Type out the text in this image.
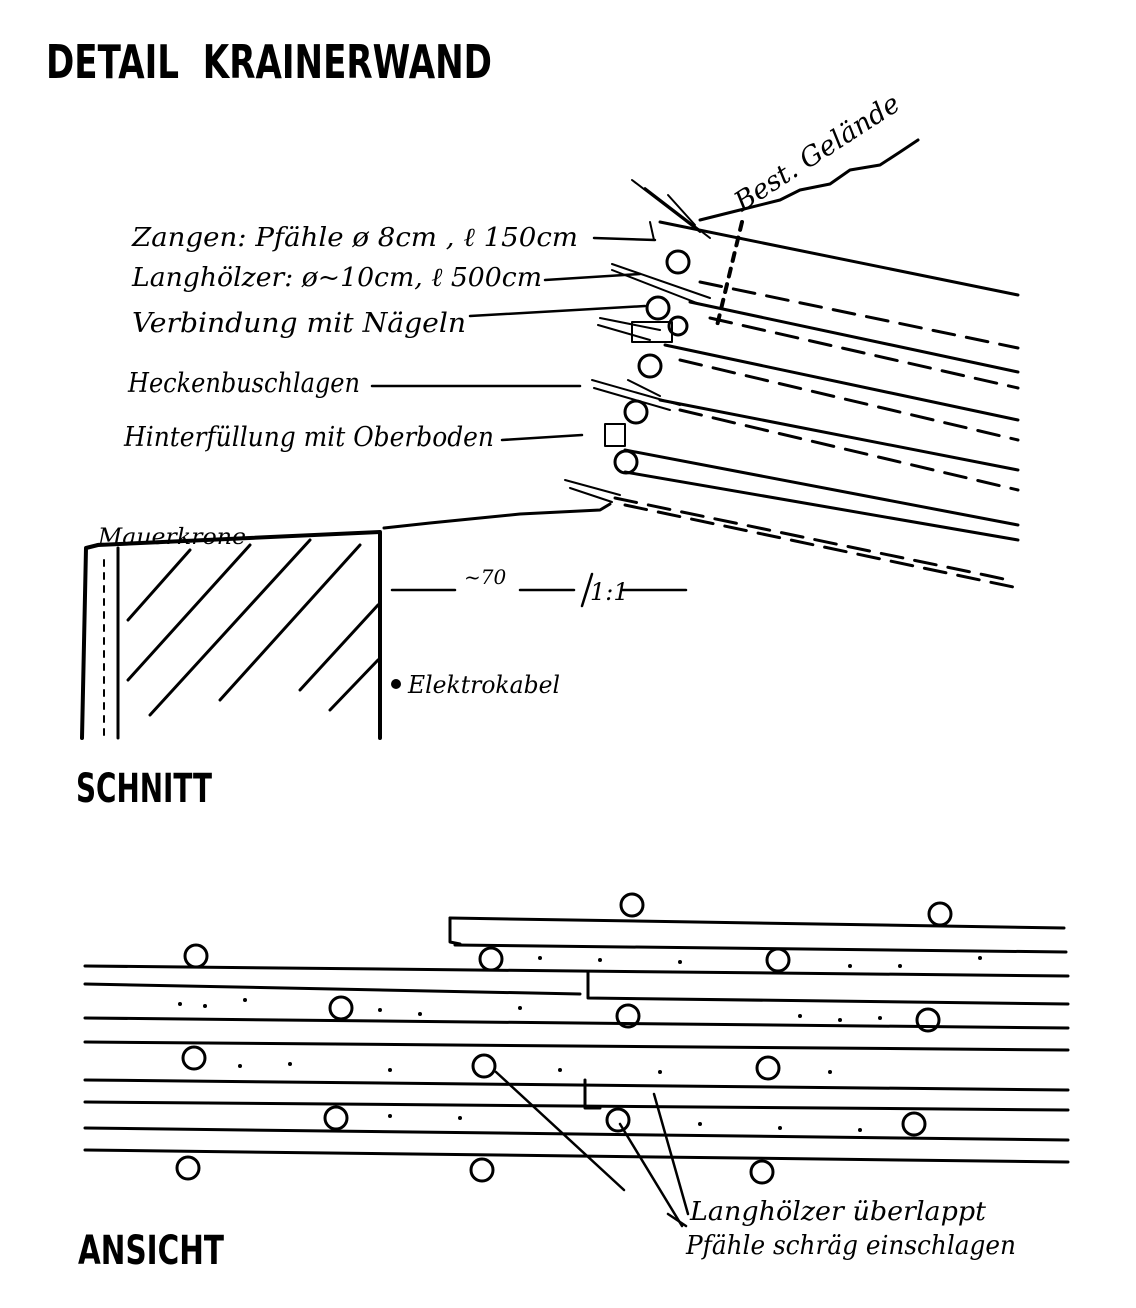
DETAIL  KRAINERWAND
~70
1:1
Zangen: Pfähle ø 8cm , ℓ 150cm
Langhölzer: ø~10cm, ℓ 500cm
Verbindung mit Nägeln
Heckenbuschlagen
Hinterfüllung mit Oberboden
Best. Gelände
Mauerkrone
Elektrokabel
SCHNITT
Langhölzer überlappt
Pfähle schräg einschlagen
ANSICHT
